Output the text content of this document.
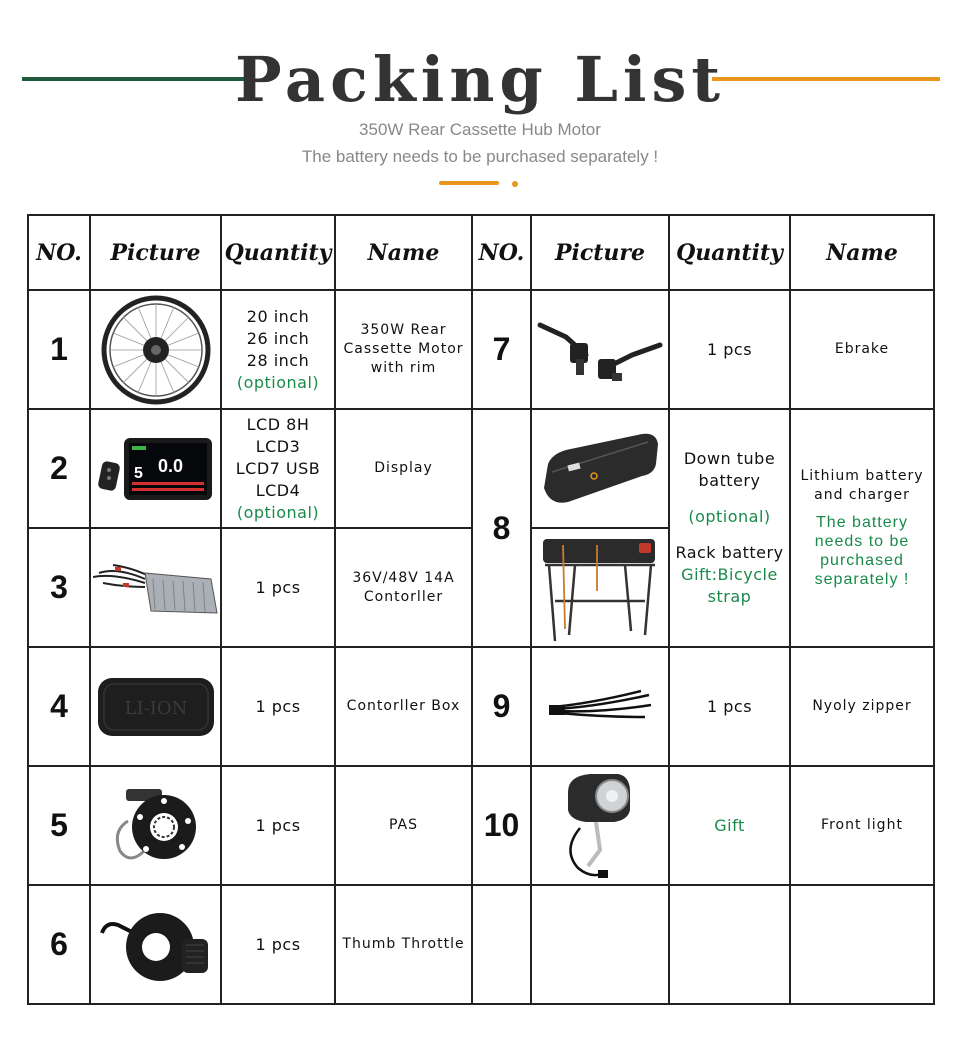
Packing List
350W Rear Cassette Hub Motor
The battery needs to be purchased separately !
NO.	Picture	Quantity	Name	NO.	Picture	Quantity	Name
1		20 inch
26 inch
28 inch
(optional)	350W Rear Cassette Motor with rim	7		1 pcs	Ebrake
2	5 0.0	LCD 8H
LCD3
LCD7 USB
LCD4
(optional)	Display	8		Down tube battery
(optional)
Rack battery
Gift:Bicycle strap	Lithium battery and charger
The battery needs to be purchased separately !

3		1 pcs	36V/48V 14A Contorller	

4	LI-ION	1 pcs	Contorller Box	9		1 pcs	Nyoly zipper
5		1 pcs	PAS	10		Gift	Front light
6		1 pcs	Thumb Throttle				
